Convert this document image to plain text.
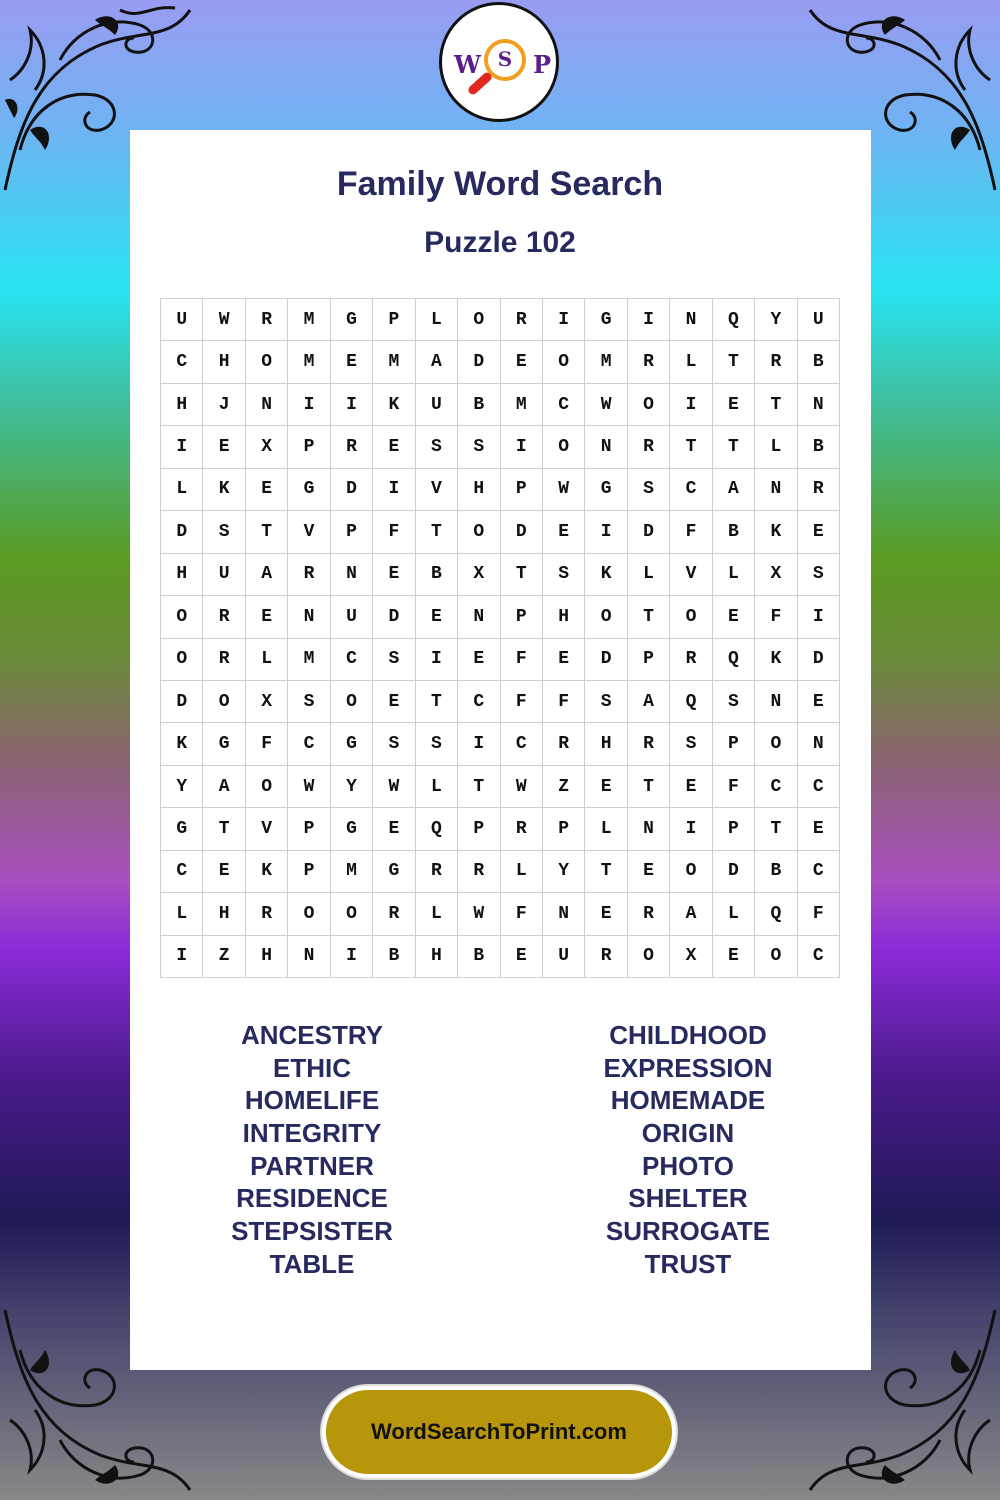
W S P
Family Word Search
Puzzle 102
U	W	R	M	G	P	L	O	R	I	G	I	N	Q	Y	U
C	H	O	M	E	M	A	D	E	O	M	R	L	T	R	B
H	J	N	I	I	K	U	B	M	C	W	O	I	E	T	N
I	E	X	P	R	E	S	S	I	O	N	R	T	T	L	B
L	K	E	G	D	I	V	H	P	W	G	S	C	A	N	R
D	S	T	V	P	F	T	O	D	E	I	D	F	B	K	E
H	U	A	R	N	E	B	X	T	S	K	L	V	L	X	S
O	R	E	N	U	D	E	N	P	H	O	T	O	E	F	I
O	R	L	M	C	S	I	E	F	E	D	P	R	Q	K	D
D	O	X	S	O	E	T	C	F	F	S	A	Q	S	N	E
K	G	F	C	G	S	S	I	C	R	H	R	S	P	O	N
Y	A	O	W	Y	W	L	T	W	Z	E	T	E	F	C	C
G	T	V	P	G	E	Q	P	R	P	L	N	I	P	T	E
C	E	K	P	M	G	R	R	L	Y	T	E	O	D	B	C
L	H	R	O	O	R	L	W	F	N	E	R	A	L	Q	F
I	Z	H	N	I	B	H	B	E	U	R	O	X	E	O	C
ANCESTRY
ETHIC
HOMELIFE
INTEGRITY
PARTNER
RESIDENCE
STEPSISTER
TABLE
CHILDHOOD
EXPRESSION
HOMEMADE
ORIGIN
PHOTO
SHELTER
SURROGATE
TRUST
WordSearchToPrint.com
